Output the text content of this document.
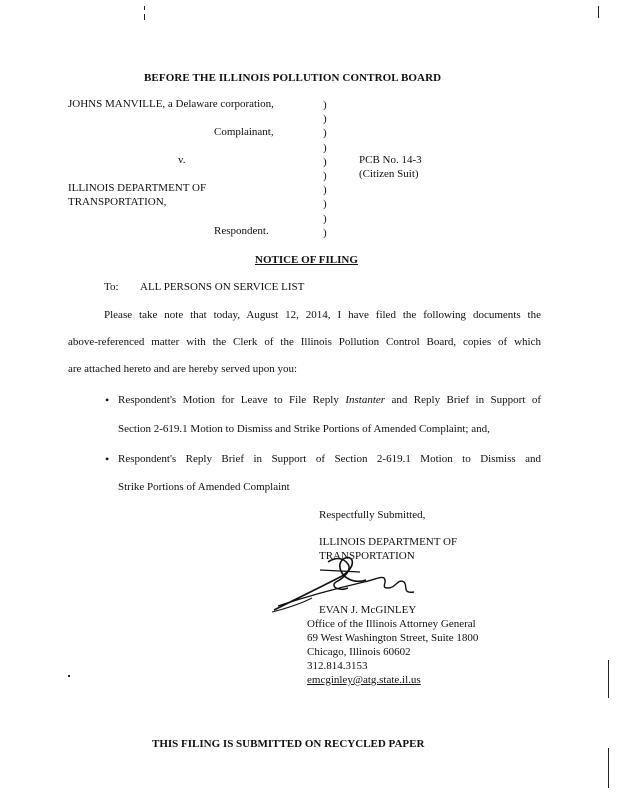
BEFORE THE ILLINOIS POLLUTION CONTROL BOARD
JOHNS MANVILLE, a Delaware corporation,
Complainant,
v.	PCB No. 14-3
(Citizen Suit)
ILLINOIS DEPARTMENT OF
TRANSPORTATION,
Respondent.
)
)
)
)
)
)
)
)
)
)
NOTICE OF FILING
To: ALL PERSONS ON SERVICE LIST
Please take note that today, August 12, 2014, I have filed the following documents the
above-referenced matter with the Clerk of the Illinois Pollution Control Board, copies of which
are attached hereto and are hereby served upon you:
• Respondent's Motion for Leave to File Reply Instanter and Reply Brief in Support of
Section 2-619.1 Motion to Dismiss and Strike Portions of Amended Complaint; and,
• Respondent's Reply Brief in Support of Section 2-619.1 Motion to Dismiss and
Strike Portions of Amended Complaint
Respectfully Submitted,
ILLINOIS DEPARTMENT OF
TRANSPORTATION
EVAN J. McGINLEY
Office of the Illinois Attorney General
69 West Washington Street, Suite 1800
Chicago, Illinois 60602
312.814.3153
emcginley@atg.state.il.us
THIS FILING IS SUBMITTED ON RECYCLED PAPER
